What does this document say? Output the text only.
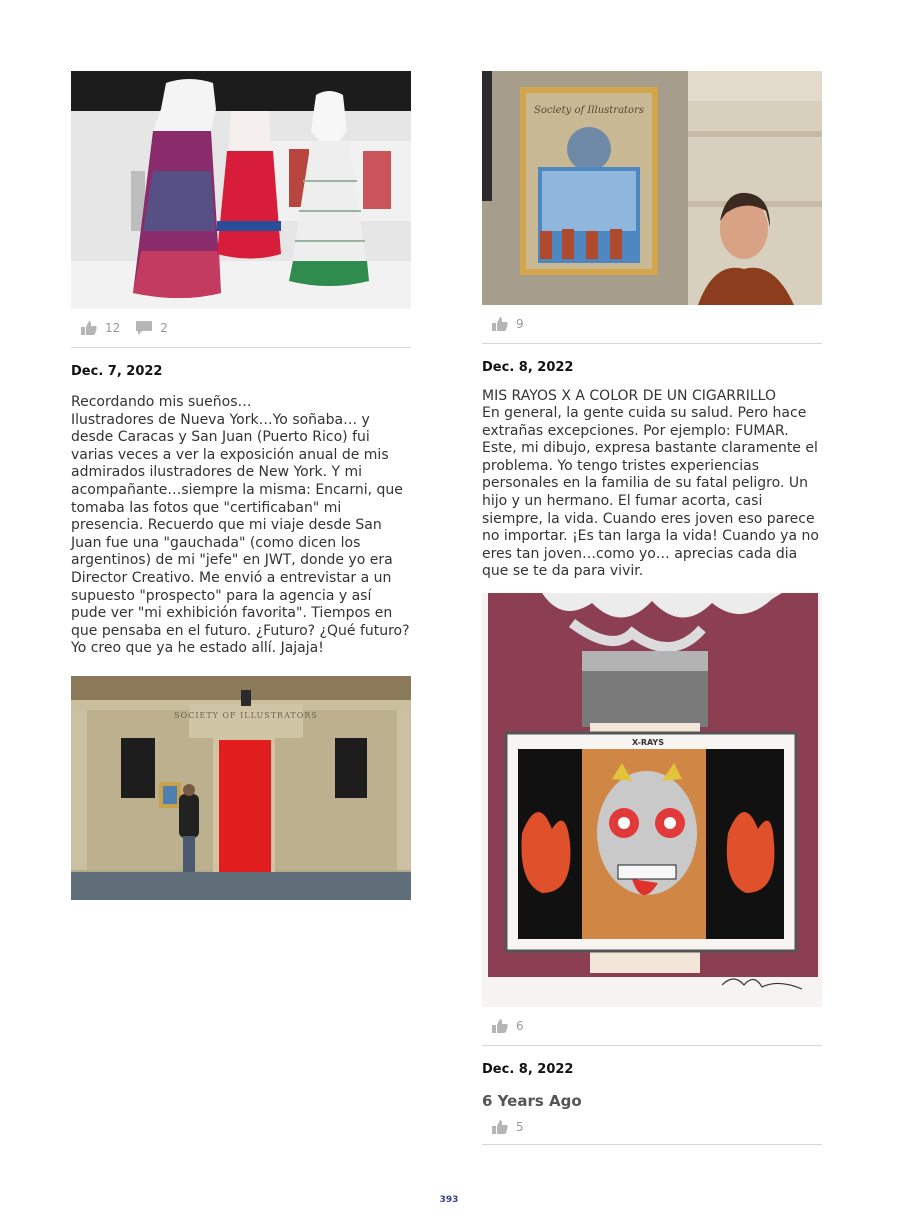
12	2
Dec. 7, 2022
Recordando mis sueños…
Ilustradores de Nueva York…Yo soñaba… y desde Caracas y San Juan (Puerto Rico) fui varias veces a ver la exposición anual de mis admirados ilustradores de New York. Y mi acompañante…siempre la misma: Encarni, que tomaba las fotos que "certificaban" mi presencia. Recuerdo que mi viaje desde San Juan fue una "gauchada" (como dicen los argentinos) de mi "jefe" en JWT, donde yo era Director Creativo. Me envió a entrevistar a un supuesto "prospecto" para la agencia y así pude ver "mi exhibición favorita". Tiempos en que pensaba en el futuro. ¿Futuro? ¿Qué futuro? Yo creo que ya he estado allí. Jajaja!
SOCIETY OF ILLUSTRATORS
Society of Illustrators
9
Dec. 8, 2022
MIS RAYOS X A COLOR DE UN CIGARRILLO
En general, la gente cuida su salud. Pero hace extrañas excepciones. Por ejemplo: FUMAR. Este, mi dibujo, expresa bastante claramente el problema. Yo tengo tristes experiencias personales en la familia de su fatal peligro. Un hijo y un hermano. El fumar acorta, casi siempre, la vida. Cuando eres joven eso parece no importar. ¡Es tan larga la vida! Cuando ya no eres tan joven…como yo… aprecias cada dia que se te da para vivir.
X-RAYS
6
Dec. 8, 2022
6 Years Ago
5
393
